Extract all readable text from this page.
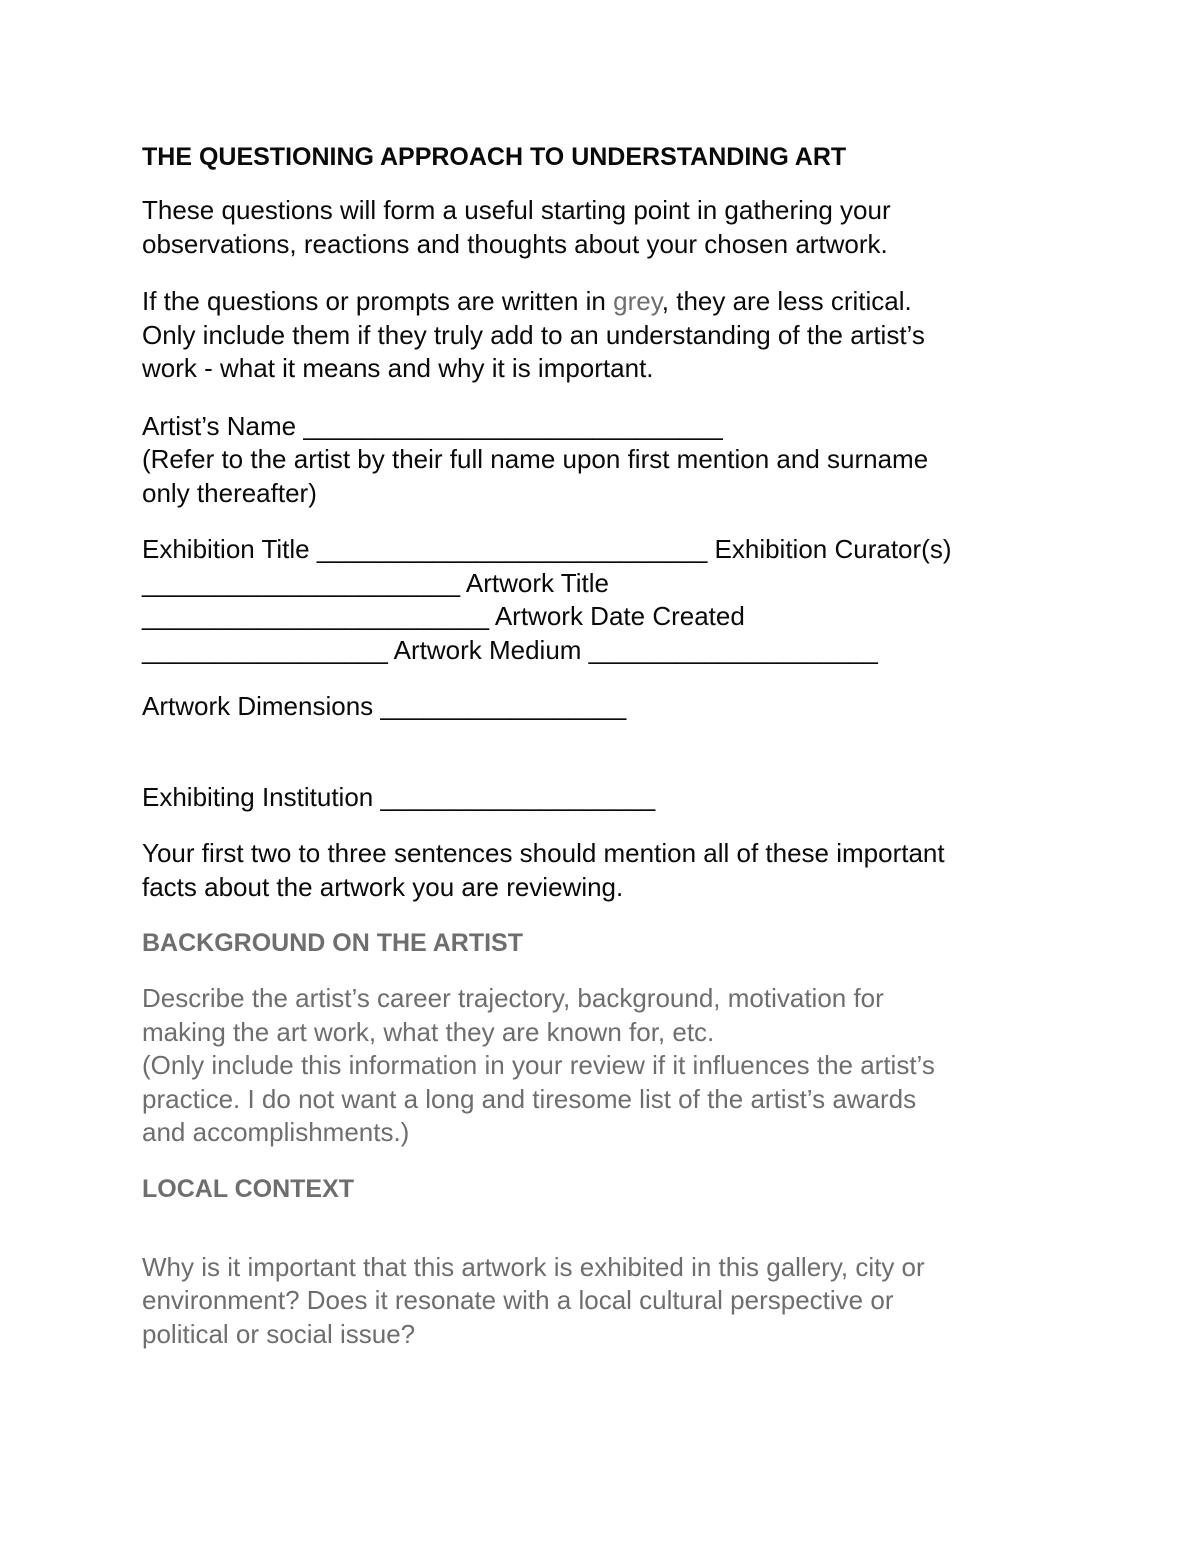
THE QUESTIONING APPROACH TO UNDERSTANDING ART

These questions will form a useful starting point in gathering your
observations, reactions and thoughts about your chosen artwork.

If the questions or prompts are written in grey, they are less critical.
Only include them if they truly add to an understanding of the artist’s
work - what it means and why it is important.

Artist’s Name _____________________________
(Refer to the artist by their full name upon first mention and surname
only thereafter)

Exhibition Title ___________________________ Exhibition Curator(s)
______________________ Artwork Title
________________________ Artwork Date Created
_________________ Artwork Medium ____________________

Artwork Dimensions _________________

Exhibiting Institution ___________________

Your first two to three sentences should mention all of these important
facts about the artwork you are reviewing.

BACKGROUND ON THE ARTIST

Describe the artist’s career trajectory, background, motivation for
making the art work, what they are known for, etc.
(Only include this information in your review if it influences the artist’s
practice. I do not want a long and tiresome list of the artist’s awards
and accomplishments.)

LOCAL CONTEXT

Why is it important that this artwork is exhibited in this gallery, city or
environment? Does it resonate with a local cultural perspective or
political or social issue?
